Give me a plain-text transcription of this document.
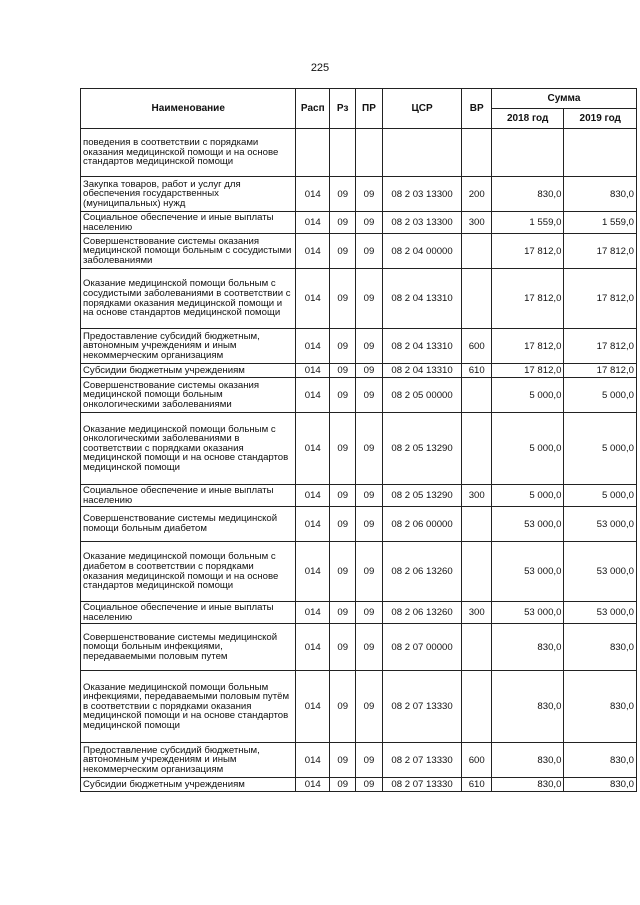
225
Наименование	Расп	Рз	ПР	ЦСР	ВР	Сумма	
						2018 год	2019 год
поведения в соответствии с порядками оказания медицинской помощи и на основе стандартов медицинской помощи							
Закупка товаров, работ и услуг для обеспечения государственных (муниципальных) нужд	014	09	09	08 2 03 13300	200	830,0	830,0
Социальное обеспечение и иные выплаты населению	014	09	09	08 2 03 13300	300	1 559,0	1 559,0
Совершенствование системы оказания медицинской помощи больным с сосудистыми заболеваниями	014	09	09	08 2 04 00000		17 812,0	17 812,0
Оказание медицинской помощи больным с сосудистыми заболеваниями в соответствии с порядками оказания медицинской помощи и на основе стандартов медицинской помощи	014	09	09	08 2 04 13310		17 812,0	17 812,0
Предоставление субсидий бюджетным, автономным учреждениям и иным некоммерческим организациям	014	09	09	08 2 04 13310	600	17 812,0	17 812,0
Субсидии бюджетным учреждениям	014	09	09	08 2 04 13310	610	17 812,0	17 812,0
Совершенствование системы оказания медицинской помощи больным онкологическими заболеваниями	014	09	09	08 2 05 00000		5 000,0	5 000,0
Оказание медицинской помощи больным с онкологическими заболеваниями в соответствии с порядками оказания медицинской помощи и на основе стандартов медицинской помощи	014	09	09	08 2 05 13290		5 000,0	5 000,0
Социальное обеспечение и иные выплаты населению	014	09	09	08 2 05 13290	300	5 000,0	5 000,0
Совершенствование системы медицинской помощи больным диабетом	014	09	09	08 2 06 00000		53 000,0	53 000,0
Оказание медицинской помощи больным с диабетом в соответствии с порядками оказания медицинской помощи и на основе стандартов медицинской помощи	014	09	09	08 2 06 13260		53 000,0	53 000,0
Социальное обеспечение и иные выплаты населению	014	09	09	08 2 06 13260	300	53 000,0	53 000,0
Совершенствование системы медицинской помощи больным инфекциями, передаваемыми половым путем	014	09	09	08 2 07 00000		830,0	830,0
Оказание медицинской помощи больным инфекциями, передаваемыми половым путём в соответствии с порядками оказания медицинской помощи и на основе стандартов медицинской помощи	014	09	09	08 2 07 13330		830,0	830,0
Предоставление субсидий бюджетным, автономным учреждениям и иным некоммерческим организациям	014	09	09	08 2 07 13330	600	830,0	830,0
Субсидии бюджетным учреждениям	014	09	09	08 2 07 13330	610	830,0	830,0
